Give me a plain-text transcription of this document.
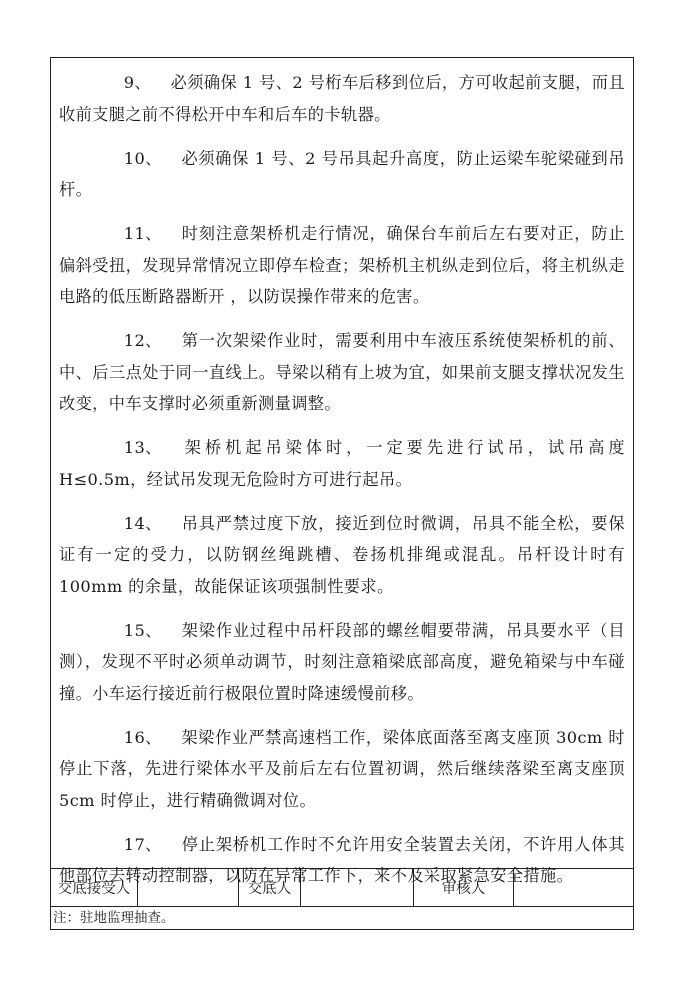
9、 必须确保 1 号、2 号桁车后移到位后，方可收起前支腿，而且收前支腿之前不得松开中车和后车的卡轨器。

10、 必须确保 1 号、2 号吊具起升高度，防止运梁车驼梁碰到吊杆。

11、 时刻注意架桥机走行情况，确保台车前后左右要对正，防止偏斜受扭，发现异常情况立即停车检查；架桥机主机纵走到位后，将主机纵走电路的低压断路器断开 ，以防误操作带来的危害。

12、 第一次架梁作业时，需要利用中车液压系统使架桥机的前、中、后三点处于同一直线上。导梁以稍有上坡为宜，如果前支腿支撑状况发生改变，中车支撑时必须重新测量调整。

13、 架桥机起吊梁体时，一定要先进行试吊，试吊高度 H≤0.5m，经试吊发现无危险时方可进行起吊。

14、 吊具严禁过度下放，接近到位时微调，吊具不能全松，要保证有一定的受力，以防钢丝绳跳槽、卷扬机排绳或混乱。吊杆设计时有 100mm 的余量，故能保证该项强制性要求。

15、 架梁作业过程中吊杆段部的螺丝帽要带满，吊具要水平（目测），发现不平时必须单动调节，时刻注意箱梁底部高度，避免箱梁与中车碰撞。小车运行接近前行极限位置时降速缓慢前移。

16、 架梁作业严禁高速档工作，梁体底面落至离支座顶 30cm 时停止下落，先进行梁体水平及前后左右位置初调，然后继续落梁至离支座顶 5cm 时停止，进行精确微调对位。

17、 停止架桥机工作时不允许用安全装置去关闭，不许用人体其他部位去转动控制器，以防在异常工作下，来不及采取紧急安全措施。

交底接受人	交底人	审核人
注：驻地监理抽查。
